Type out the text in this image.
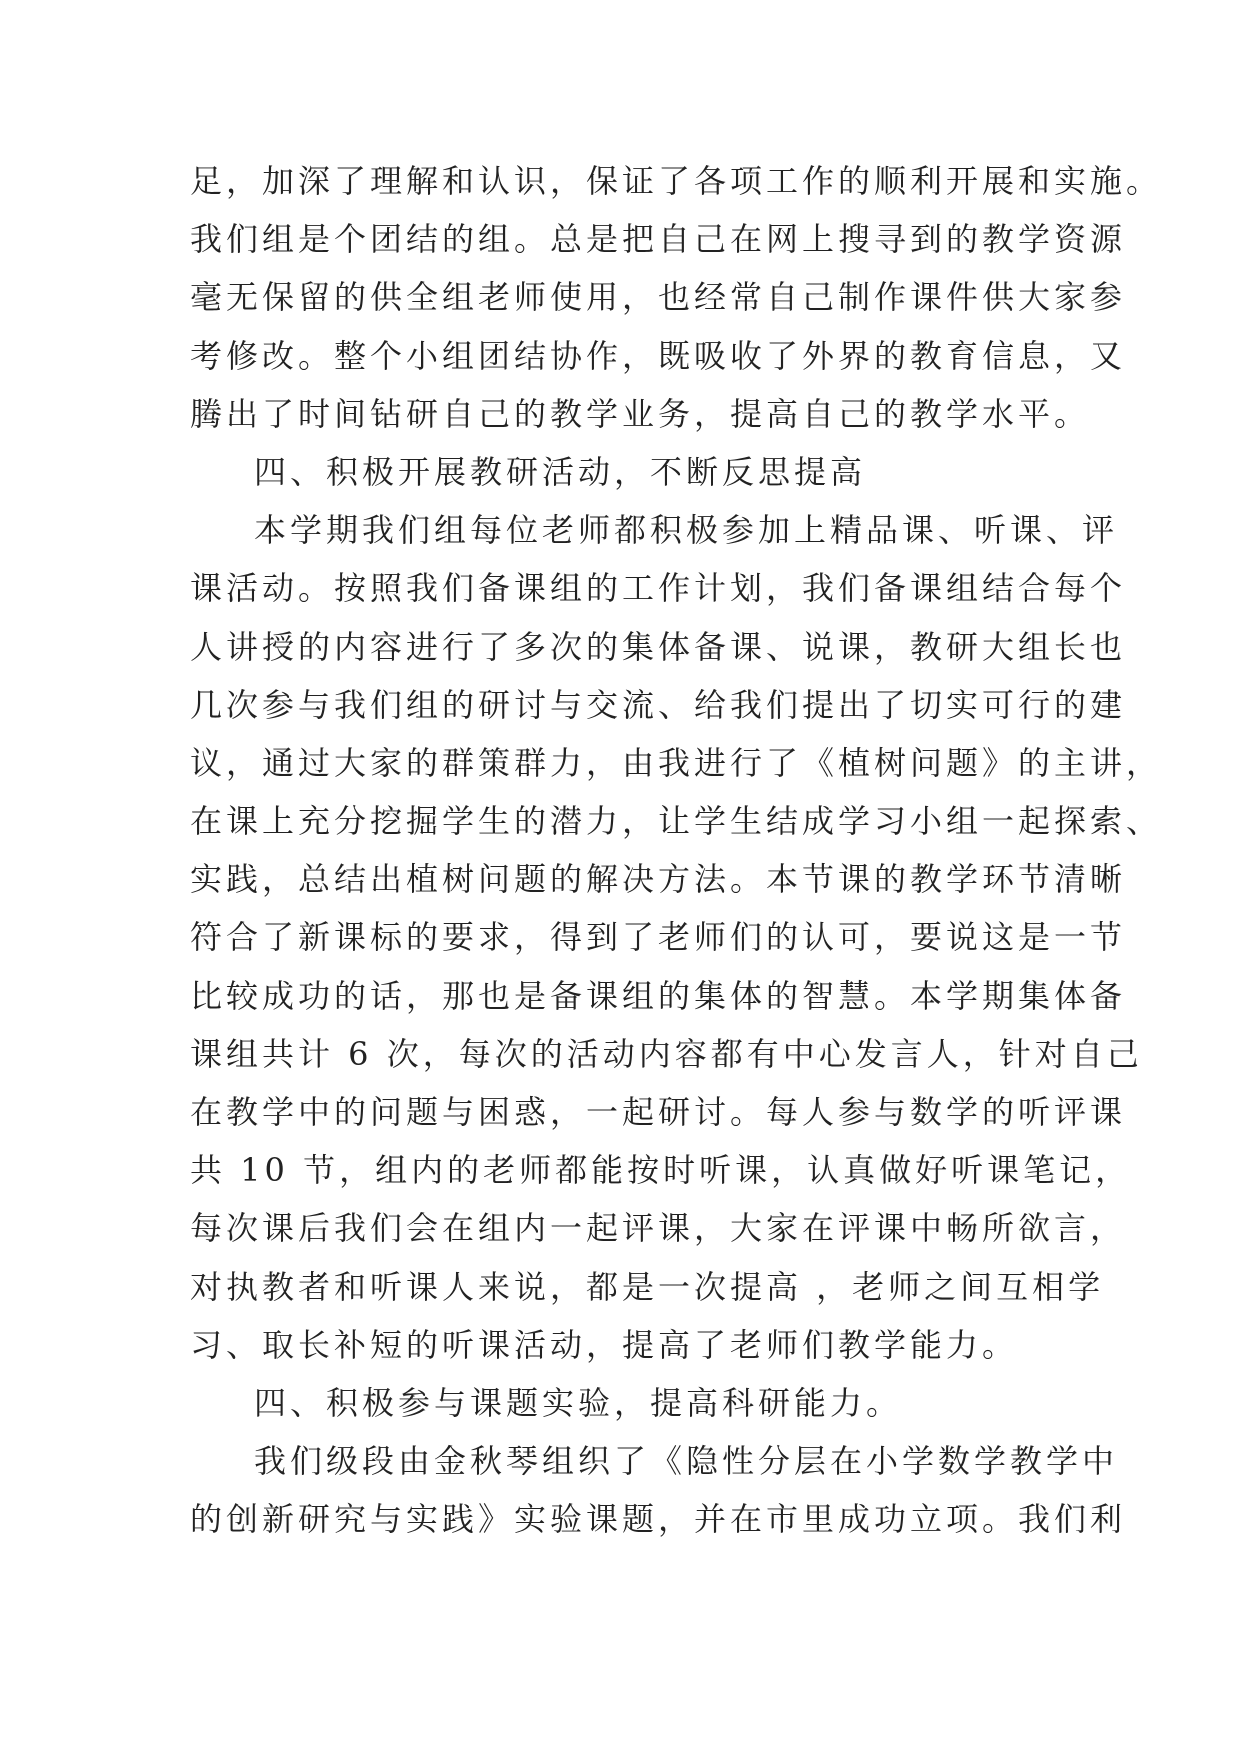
足，加深了理解和认识，保证了各项工作的顺利开展和实施。
我们组是个团结的组。总是把自己在网上搜寻到的教学资源
毫无保留的供全组老师使用，也经常自己制作课件供大家参
考修改。整个小组团结协作，既吸收了外界的教育信息，又
腾出了时间钻研自己的教学业务，提高自己的教学水平。
四、积极开展教研活动，不断反思提高
本学期我们组每位老师都积极参加上精品课、听课、评
课活动。按照我们备课组的工作计划，我们备课组结合每个
人讲授的内容进行了多次的集体备课、说课，教研大组长也
几次参与我们组的研讨与交流、给我们提出了切实可行的建
议，通过大家的群策群力，由我进行了《植树问题》的主讲，
在课上充分挖掘学生的潜力，让学生结成学习小组一起探索、
实践，总结出植树问题的解决方法。本节课的教学环节清晰
符合了新课标的要求，得到了老师们的认可，要说这是一节
比较成功的话，那也是备课组的集体的智慧。本学期集体备
课组共计 6 次，每次的活动内容都有中心发言人，针对自己
在教学中的问题与困惑，一起研讨。每人参与数学的听评课
共 10 节，组内的老师都能按时听课，认真做好听课笔记，
每次课后我们会在组内一起评课，大家在评课中畅所欲言，
对执教者和听课人来说，都是一次提高 ，老师之间互相学
习、取长补短的听课活动，提高了老师们教学能力。
四、积极参与课题实验，提高科研能力。
我们级段由金秋琴组织了《隐性分层在小学数学教学中
的创新研究与实践》实验课题，并在市里成功立项。我们利
